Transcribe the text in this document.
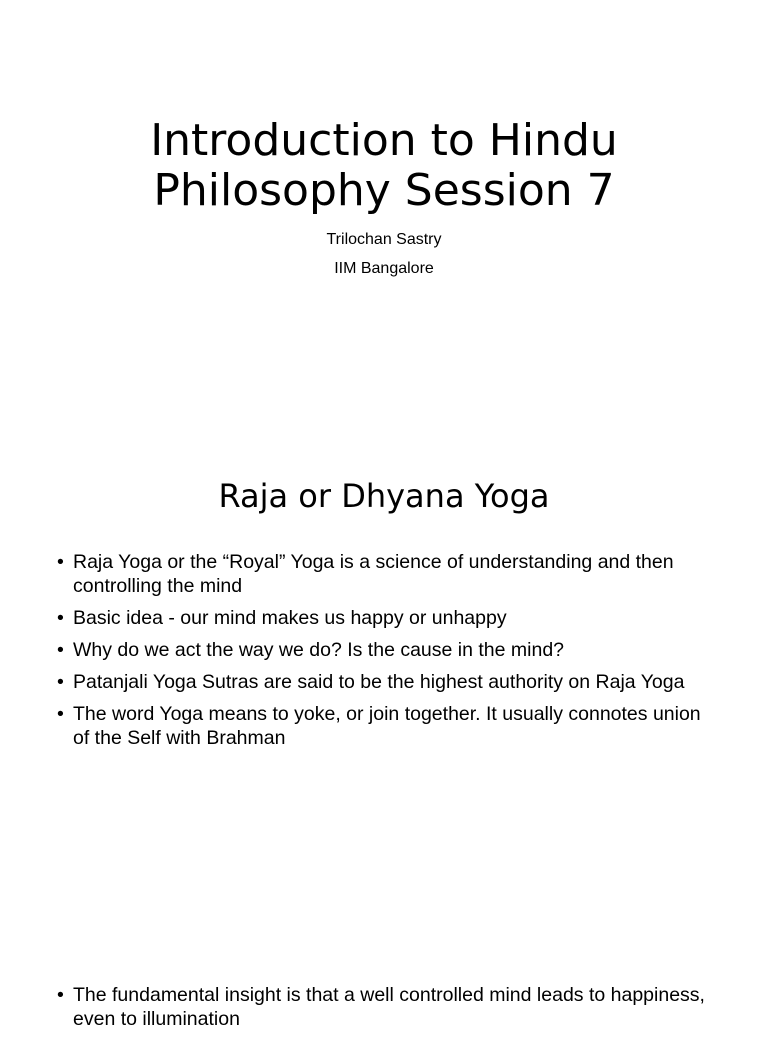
Introduction to Hindu
Philosophy Session 7
Trilochan Sastry
IIM Bangalore
Raja or Dhyana Yoga
• Raja Yoga or the “Royal” Yoga is a science of understanding and then controlling the mind
• Basic idea - our mind makes us happy or unhappy
• Why do we act the way we do? Is the cause in the mind?
• Patanjali Yoga Sutras are said to be the highest authority on Raja Yoga
• The word Yoga means to yoke, or join together. It usually connotes union of the Self with Brahman
• The fundamental insight is that a well controlled mind leads to happiness, even to illumination
